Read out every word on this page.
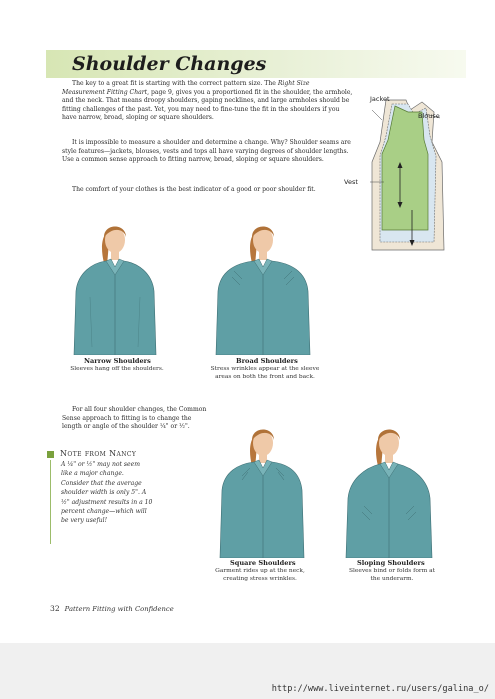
Shoulder Changes

The key to a great fit is starting with the correct pattern size. The Right Size Measurement Fitting Chart, page 9, gives you a proportioned fit in the shoulder, the armhole, and the neck. That means droopy shoulders, gaping necklines, and large armholes should be fitting challenges of the past. Yet, you may need to fine-tune the fit in the shoulders if you have narrow, broad, sloping or square shoulders.

It is impossible to measure a shoulder and determine a change. Why? Shoulder seams are style features—jackets, blouses, vests and tops all have varying degrees of shoulder lengths. Use a common sense approach to fitting narrow, broad, sloping or square shoulders.

The comfort of your clothes is the best indicator of a good or poor shoulder fit.

Jacket
Blouse
Vest

Narrow Shoulders

Sleeves hang off the shoulders.

Broad Shoulders

Stress wrinkles appear at the sleeve areas on both the front and back.

For all four shoulder changes, the Common Sense approach to fitting is to change the length or angle of the shoulder ¼" or ½".

Note from Nancy

A ¼" or ½" may not seem like a major change. Consider that the average shoulder width is only 5". A ½" adjustment results in a 10 percent change—which will be very useful!

Square Shoulders

Garment rides up at the neck, creating stress wrinkles.

Sloping Shoulders

Sleeves bind or folds form at the underarm.

32 Pattern Fitting with Confidence

http://www.liveinternet.ru/users/galina_o/
